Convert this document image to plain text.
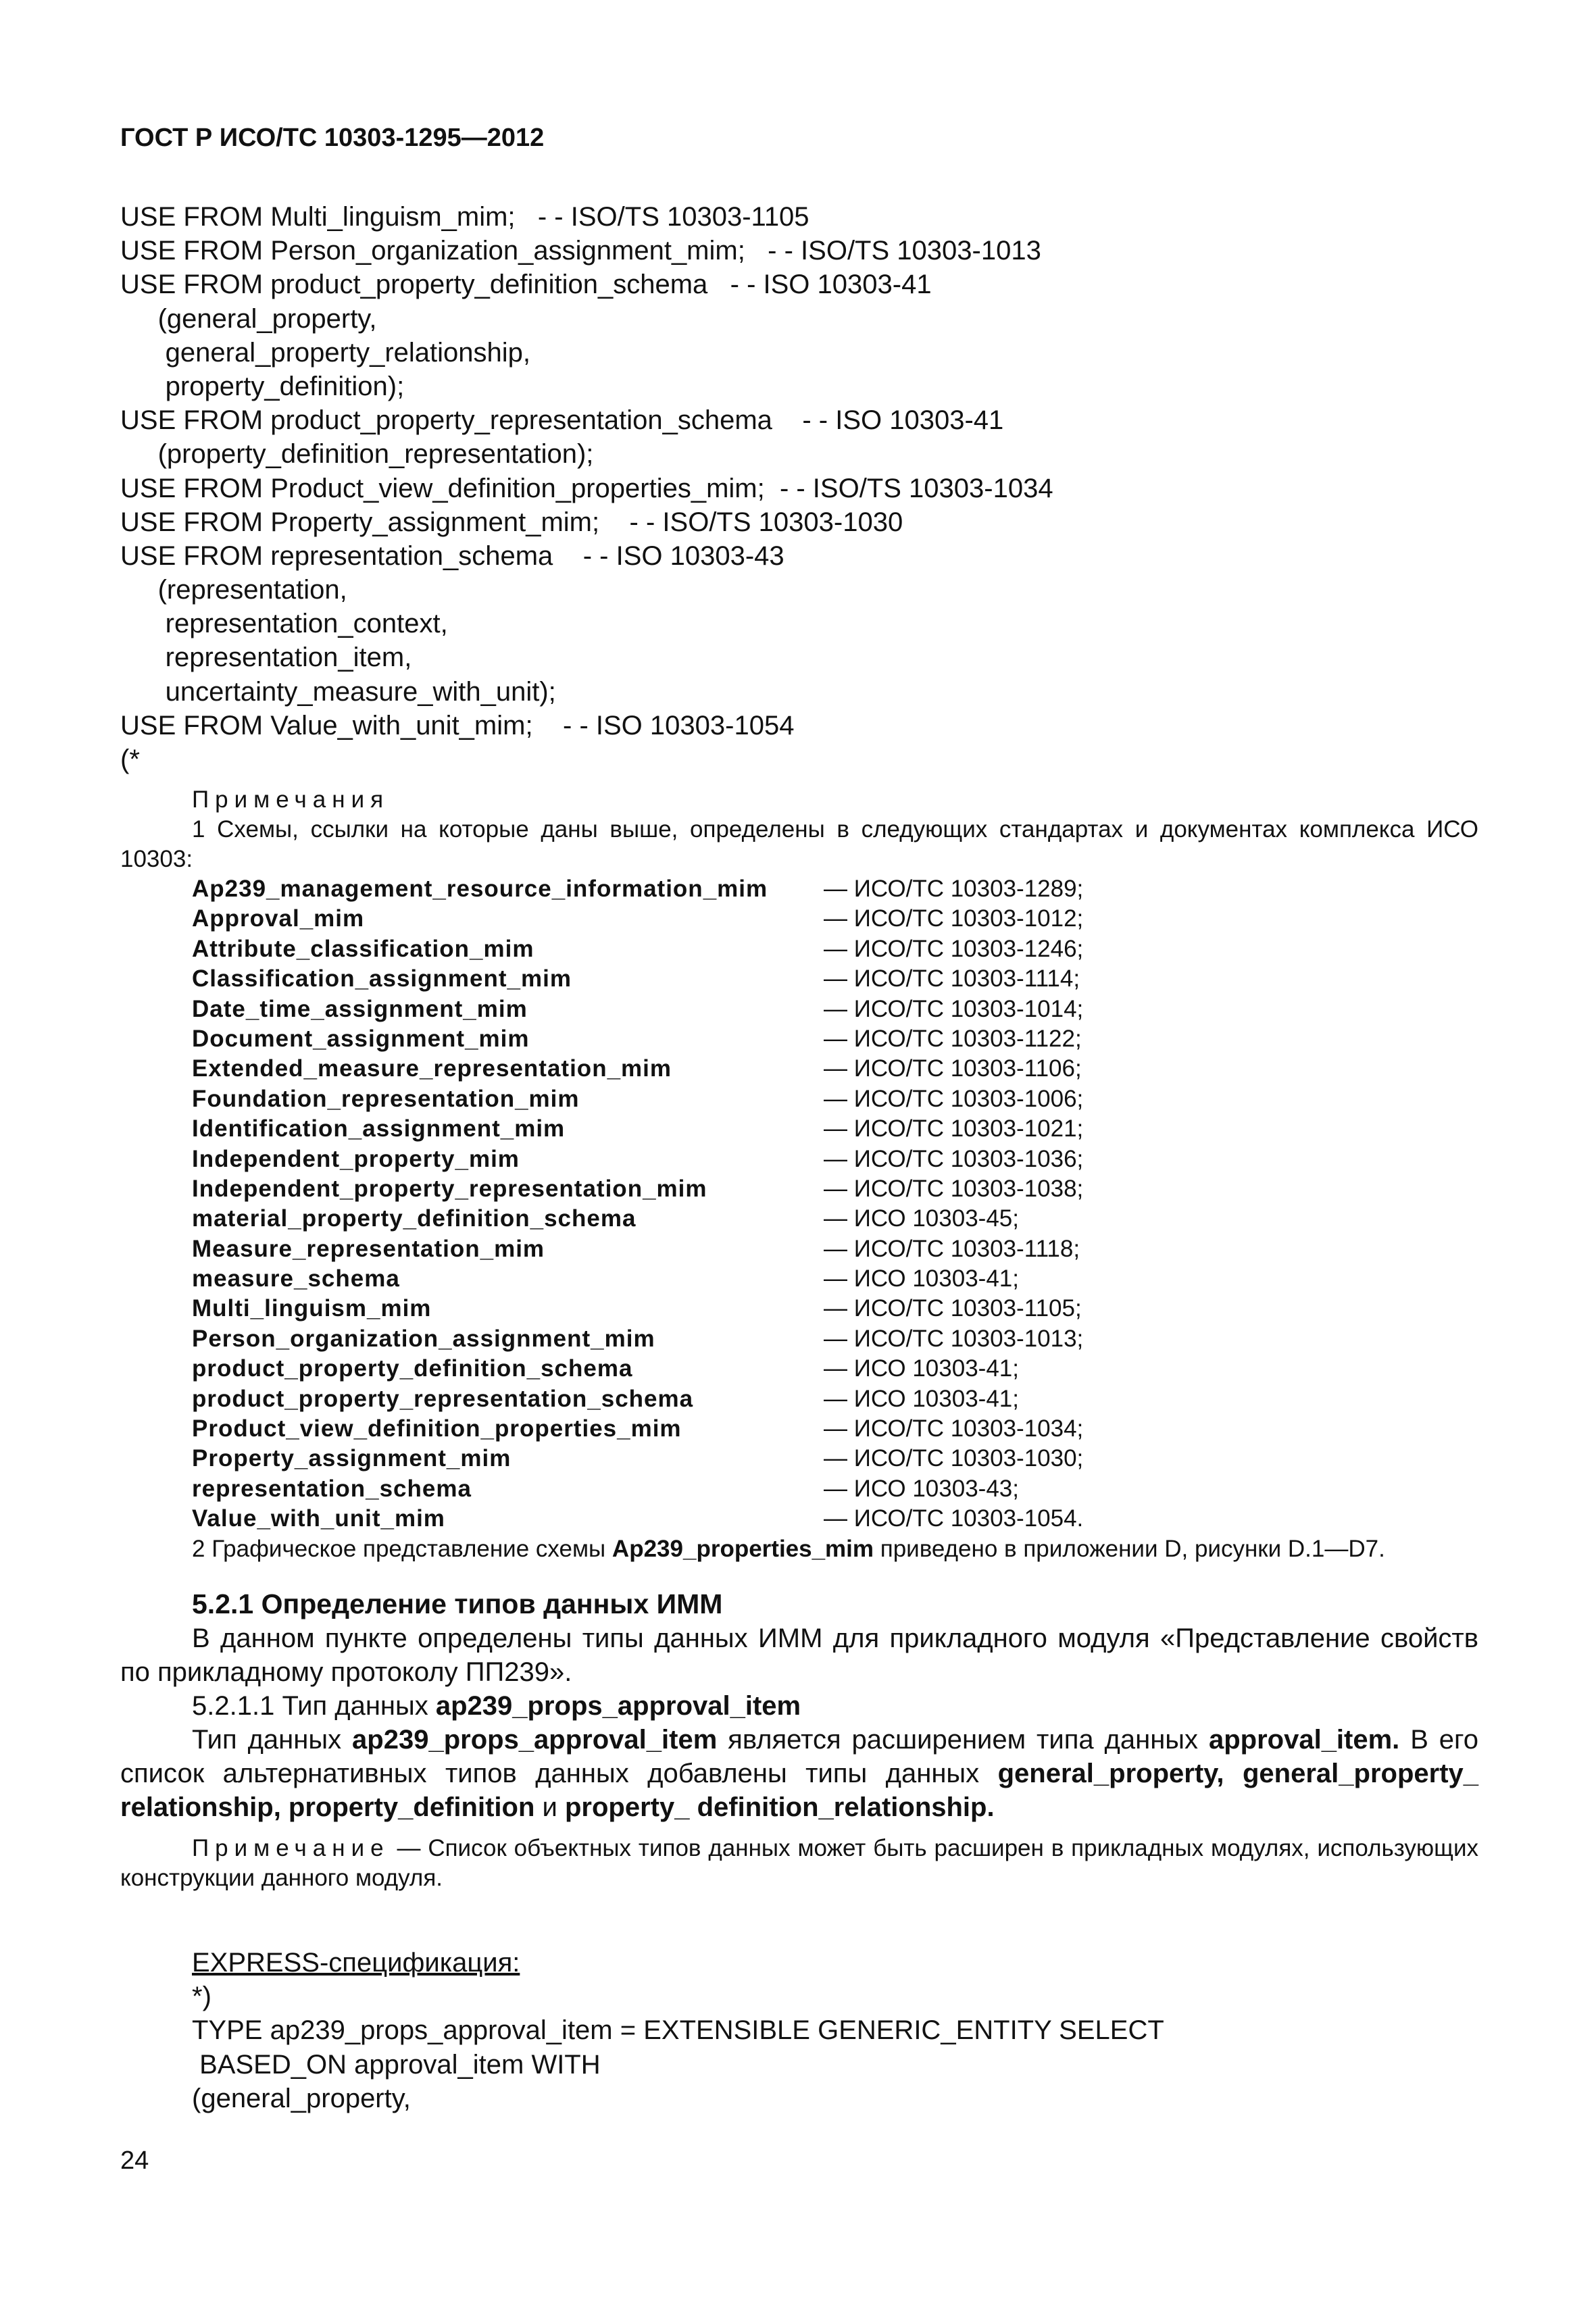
ГОСТ Р ИСО/ТС 10303-1295—2012
USE FROM Multi_linguism_mim;   - - ISO/TS 10303-1105
USE FROM Person_organization_assignment_mim;   - - ISO/TS 10303-1013
USE FROM product_property_definition_schema   - - ISO 10303-41
(general_property,
general_property_relationship,
property_definition);
USE FROM product_property_representation_schema    - - ISO 10303-41
(property_definition_representation);
USE FROM Product_view_definition_properties_mim;  - - ISO/TS 10303-1034
USE FROM Property_assignment_mim;    - - ISO/TS 10303-1030
USE FROM representation_schema    - - ISO 10303-43
(representation,
representation_context,
representation_item,
uncertainty_measure_with_unit);
USE FROM Value_with_unit_mim;    - - ISO 10303-1054
(*
Примечания
1 Схемы, ссылки на которые даны выше, определены в следующих стандартах и документах комплекса ИСО 10303:
Ap239_management_resource_information_mim	— ИСО/ТС 10303-1289;
Approval_mim	— ИСО/ТС 10303-1012;
Attribute_classification_mim	— ИСО/ТС 10303-1246;
Classification_assignment_mim	— ИСО/ТС 10303-1114;
Date_time_assignment_mim	— ИСО/ТС 10303-1014;
Document_assignment_mim	— ИСО/ТС 10303-1122;
Extended_measure_representation_mim	— ИСО/ТС 10303-1106;
Foundation_representation_mim	— ИСО/ТС 10303-1006;
Identification_assignment_mim	— ИСО/ТС 10303-1021;
Independent_property_mim	— ИСО/ТС 10303-1036;
Independent_property_representation_mim	— ИСО/ТС 10303-1038;
material_property_definition_schema	— ИСО 10303-45;
Measure_representation_mim	— ИСО/ТС 10303-1118;
measure_schema	— ИСО 10303-41;
Multi_linguism_mim	— ИСО/ТС 10303-1105;
Person_organization_assignment_mim	— ИСО/ТС 10303-1013;
product_property_definition_schema	— ИСО 10303-41;
product_property_representation_schema	— ИСО 10303-41;
Product_view_definition_properties_mim	— ИСО/ТС 10303-1034;
Property_assignment_mim	— ИСО/ТС 10303-1030;
representation_schema	— ИСО 10303-43;
Value_with_unit_mim	— ИСО/ТС 10303-1054.
2 Графическое представление схемы Ap239_properties_mim приведено в приложении D, рисунки D.1—D7.
5.2.1 Определение типов данных ИММ
В данном пункте определены типы данных ИММ для прикладного модуля «Представление свойств по прикладному протоколу ПП239».
5.2.1.1 Тип данных ap239_props_approval_item
Тип данных ap239_props_approval_item является расширением типа данных approval_item. В его список альтернативных типов данных добавлены типы данных general_property, general_property_ relationship, property_definition и property_ definition_relationship.
Примечание — Список объектных типов данных может быть расширен в прикладных модулях, использующих конструкции данного модуля.
EXPRESS-спецификация:
*)
TYPE ap239_props_approval_item = EXTENSIBLE GENERIC_ENTITY SELECT
BASED_ON approval_item WITH
(general_property,
24
